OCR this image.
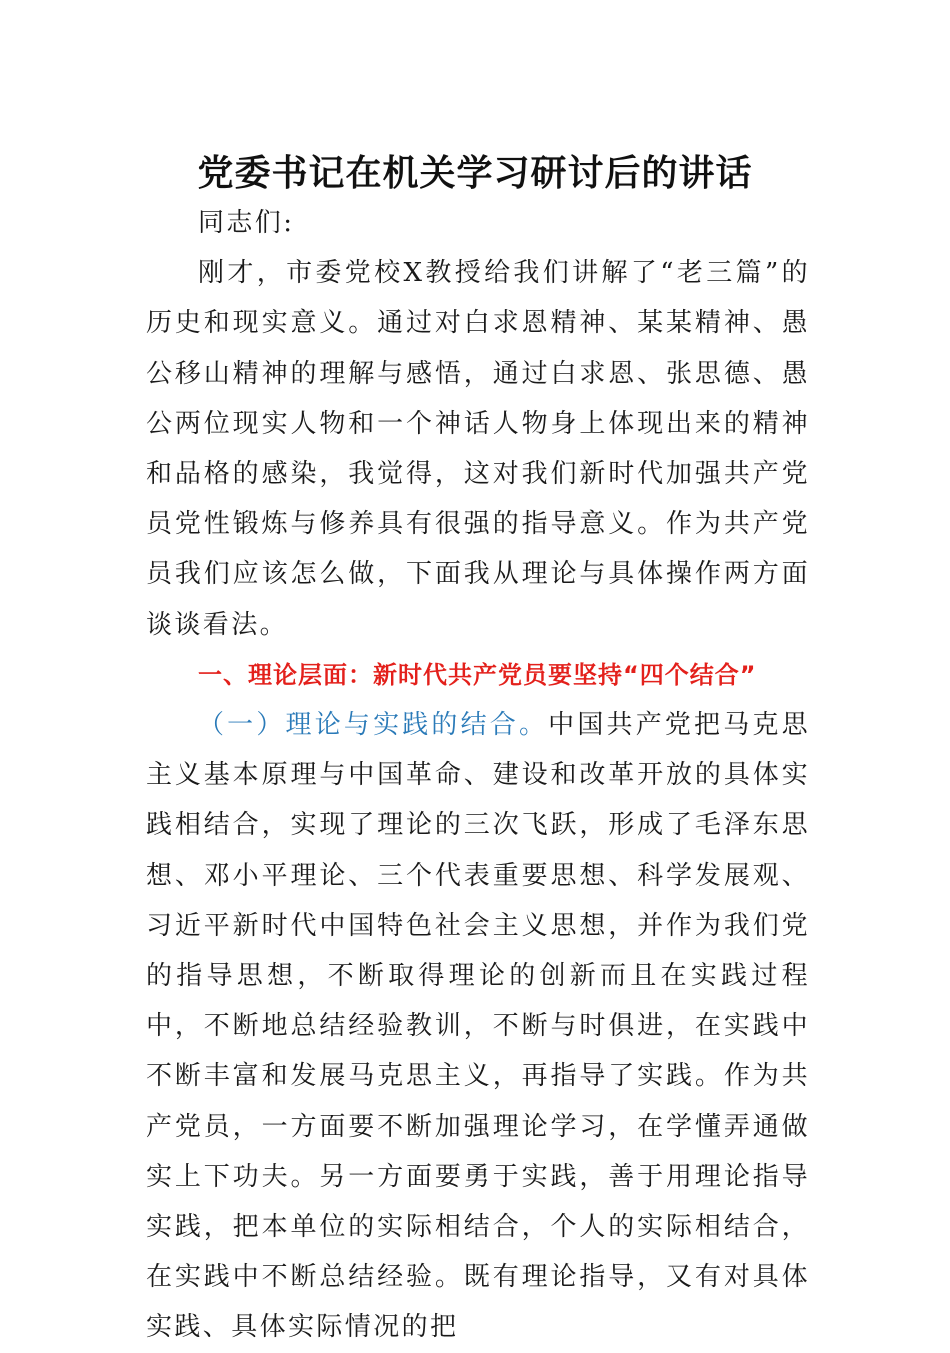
党委书记在机关学习研讨后的讲话

同志们:

刚才，市委党校X教授给我们讲解了“老三篇”的历史和现实意义。通过对白求恩精神、某某精神、愚公移山精神的理解与感悟，通过白求恩、张思德、愚公两位现实人物和一个神话人物身上体现出来的精神和品格的感染，我觉得，这对我们新时代加强共产党员党性锻炼与修养具有很强的指导意义。作为共产党员我们应该怎么做，下面我从理论与具体操作两方面谈谈看法。

一、理论层面：新时代共产党员要坚持“四个结合”

（一）理论与实践的结合。中国共产党把马克思主义基本原理与中国革命、建设和改革开放的具体实践相结合，实现了理论的三次飞跃，形成了毛泽东思想、邓小平理论、三个代表重要思想、科学发展观、习近平新时代中国特色社会主义思想，并作为我们党的指导思想，不断取得理论的创新而且在实践过程中，不断地总结经验教训，不断与时俱进，在实践中不断丰富和发展马克思主义，再指导了实践。作为共产党员，一方面要不断加强理论学习，在学懂弄通做实上下功夫。另一方面要勇于实践，善于用理论指导实践，把本单位的实际相结合，个人的实际相结合，在实践中不断总结经验。既有理论指导，又有对具体实践、具体实际情况的把
